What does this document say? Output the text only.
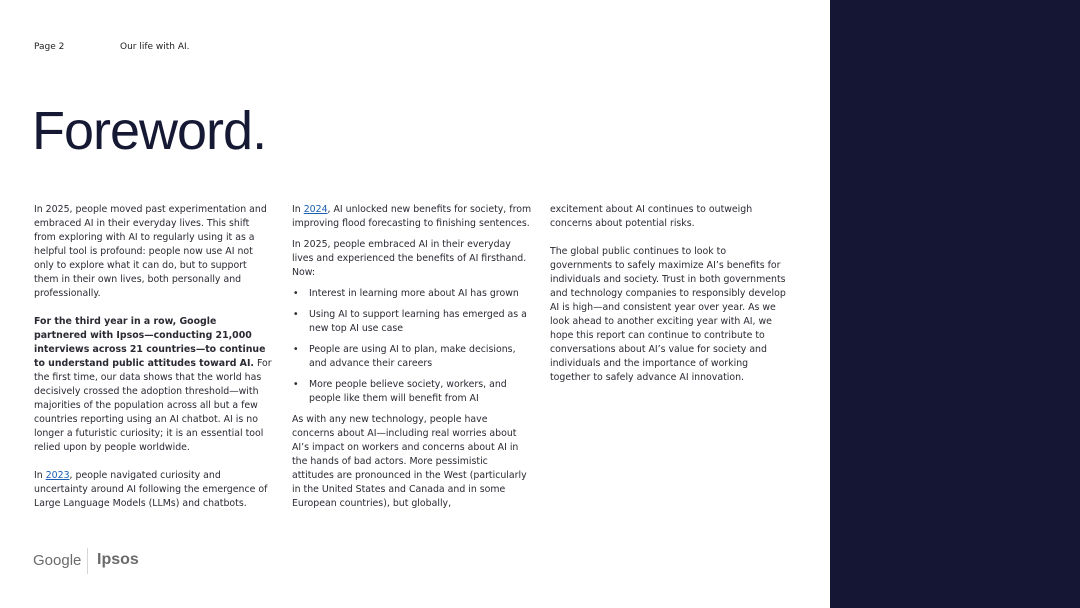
Page 2	Our life with AI.
Foreword.

In 2025, people moved past experimentation and embraced AI in their everyday lives. This shift from exploring with AI to regularly using it as a helpful tool is profound: people now use AI not only to explore what it can do, but to support them in their own lives, both personally and professionally.

For the third year in a row, Google partnered with Ipsos—conducting 21,000 interviews across 21 countries—to continue to understand public attitudes toward AI. For the first time, our data shows that the world has decisively crossed the adoption threshold—with majorities of the population across all but a few countries reporting using an AI chatbot. AI is no longer a futuristic curiosity; it is an essential tool relied upon by people worldwide.

In 2023, people navigated curiosity and uncertainty around AI following the emergence of Large Language Models (LLMs) and chatbots.

In 2024, AI unlocked new benefits for society, from improving flood forecasting to finishing sentences.

In 2025, people embraced AI in their everyday lives and experienced the benefits of AI firsthand. Now:

• Interest in learning more about AI has grown
• Using AI to support learning has emerged as a new top AI use case
• People are using AI to plan, make decisions, and advance their careers
• More people believe society, workers, and people like them will benefit from AI

As with any new technology, people have concerns about AI—including real worries about AI’s impact on workers and concerns about AI in the hands of bad actors. More pessimistic attitudes are pronounced in the West (particularly in the United States and Canada and in some European countries), but globally,

excitement about AI continues to outweigh concerns about potential risks.

The global public continues to look to governments to safely maximize AI’s benefits for individuals and society. Trust in both governments and technology companies to responsibly develop AI is high—and consistent year over year. As we look ahead to another exciting year with AI, we hope this report can continue to contribute to conversations about AI’s value for society and individuals and the importance of working together to safely advance AI innovation.

Google Ipsos
